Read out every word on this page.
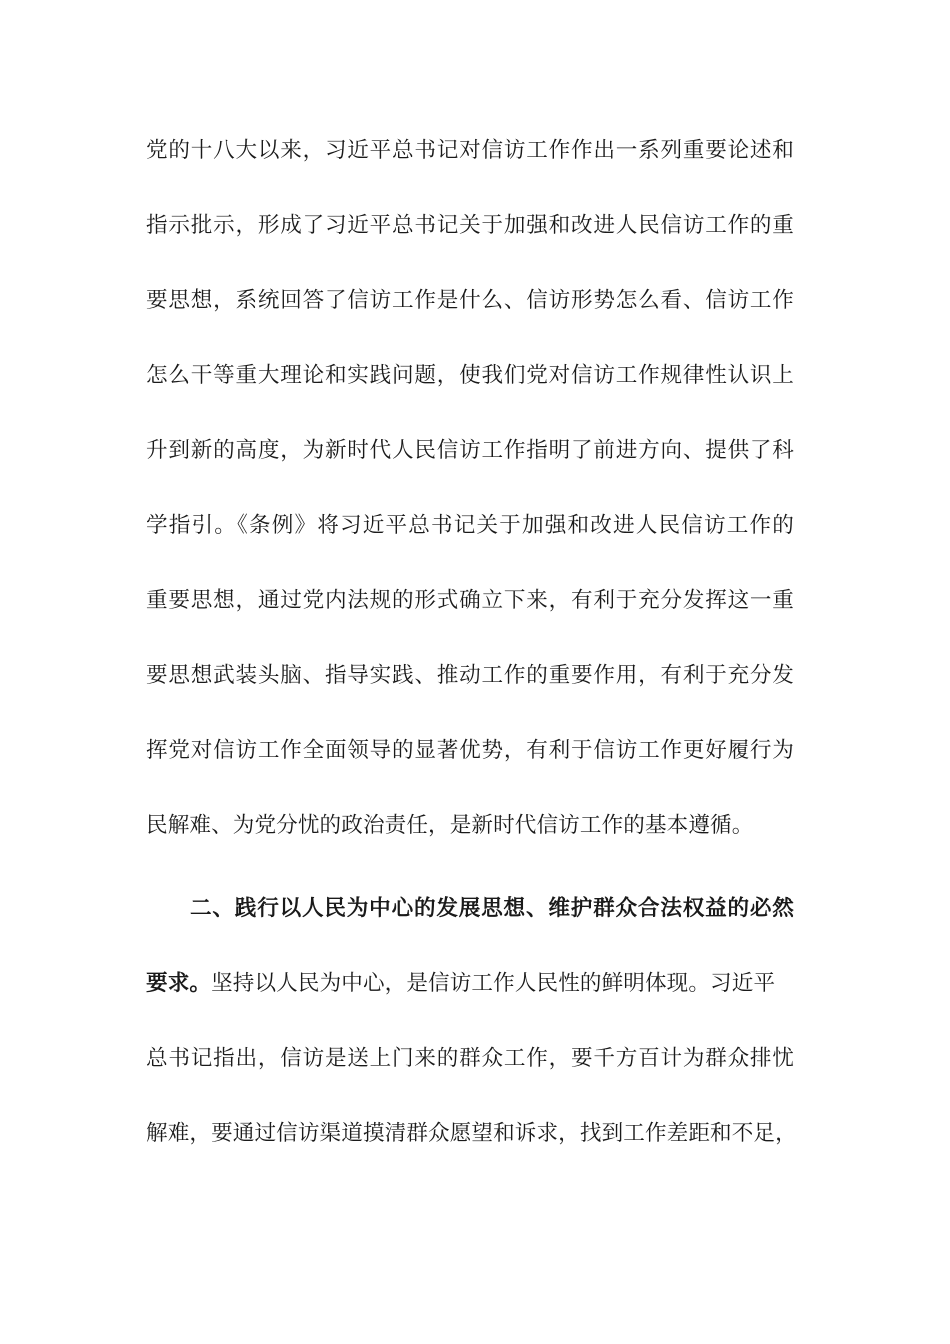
党的十八大以来，习近平总书记对信访工作作出一系列重要论述和
指示批示，形成了习近平总书记关于加强和改进人民信访工作的重
要思想，系统回答了信访工作是什么、信访形势怎么看、信访工作
怎么干等重大理论和实践问题，使我们党对信访工作规律性认识上
升到新的高度，为新时代人民信访工作指明了前进方向、提供了科
学指引。《条例》将习近平总书记关于加强和改进人民信访工作的
重要思想，通过党内法规的形式确立下来，有利于充分发挥这一重
要思想武装头脑、指导实践、推动工作的重要作用，有利于充分发
挥党对信访工作全面领导的显著优势，有利于信访工作更好履行为
民解难、为党分忧的政治责任，是新时代信访工作的基本遵循。
二、践行以人民为中心的发展思想、维护群众合法权益的必然
要求。坚持以人民为中心，是信访工作人民性的鲜明体现。习近平
总书记指出，信访是送上门来的群众工作，要千方百计为群众排忧
解难，要通过信访渠道摸清群众愿望和诉求，找到工作差距和不足，
